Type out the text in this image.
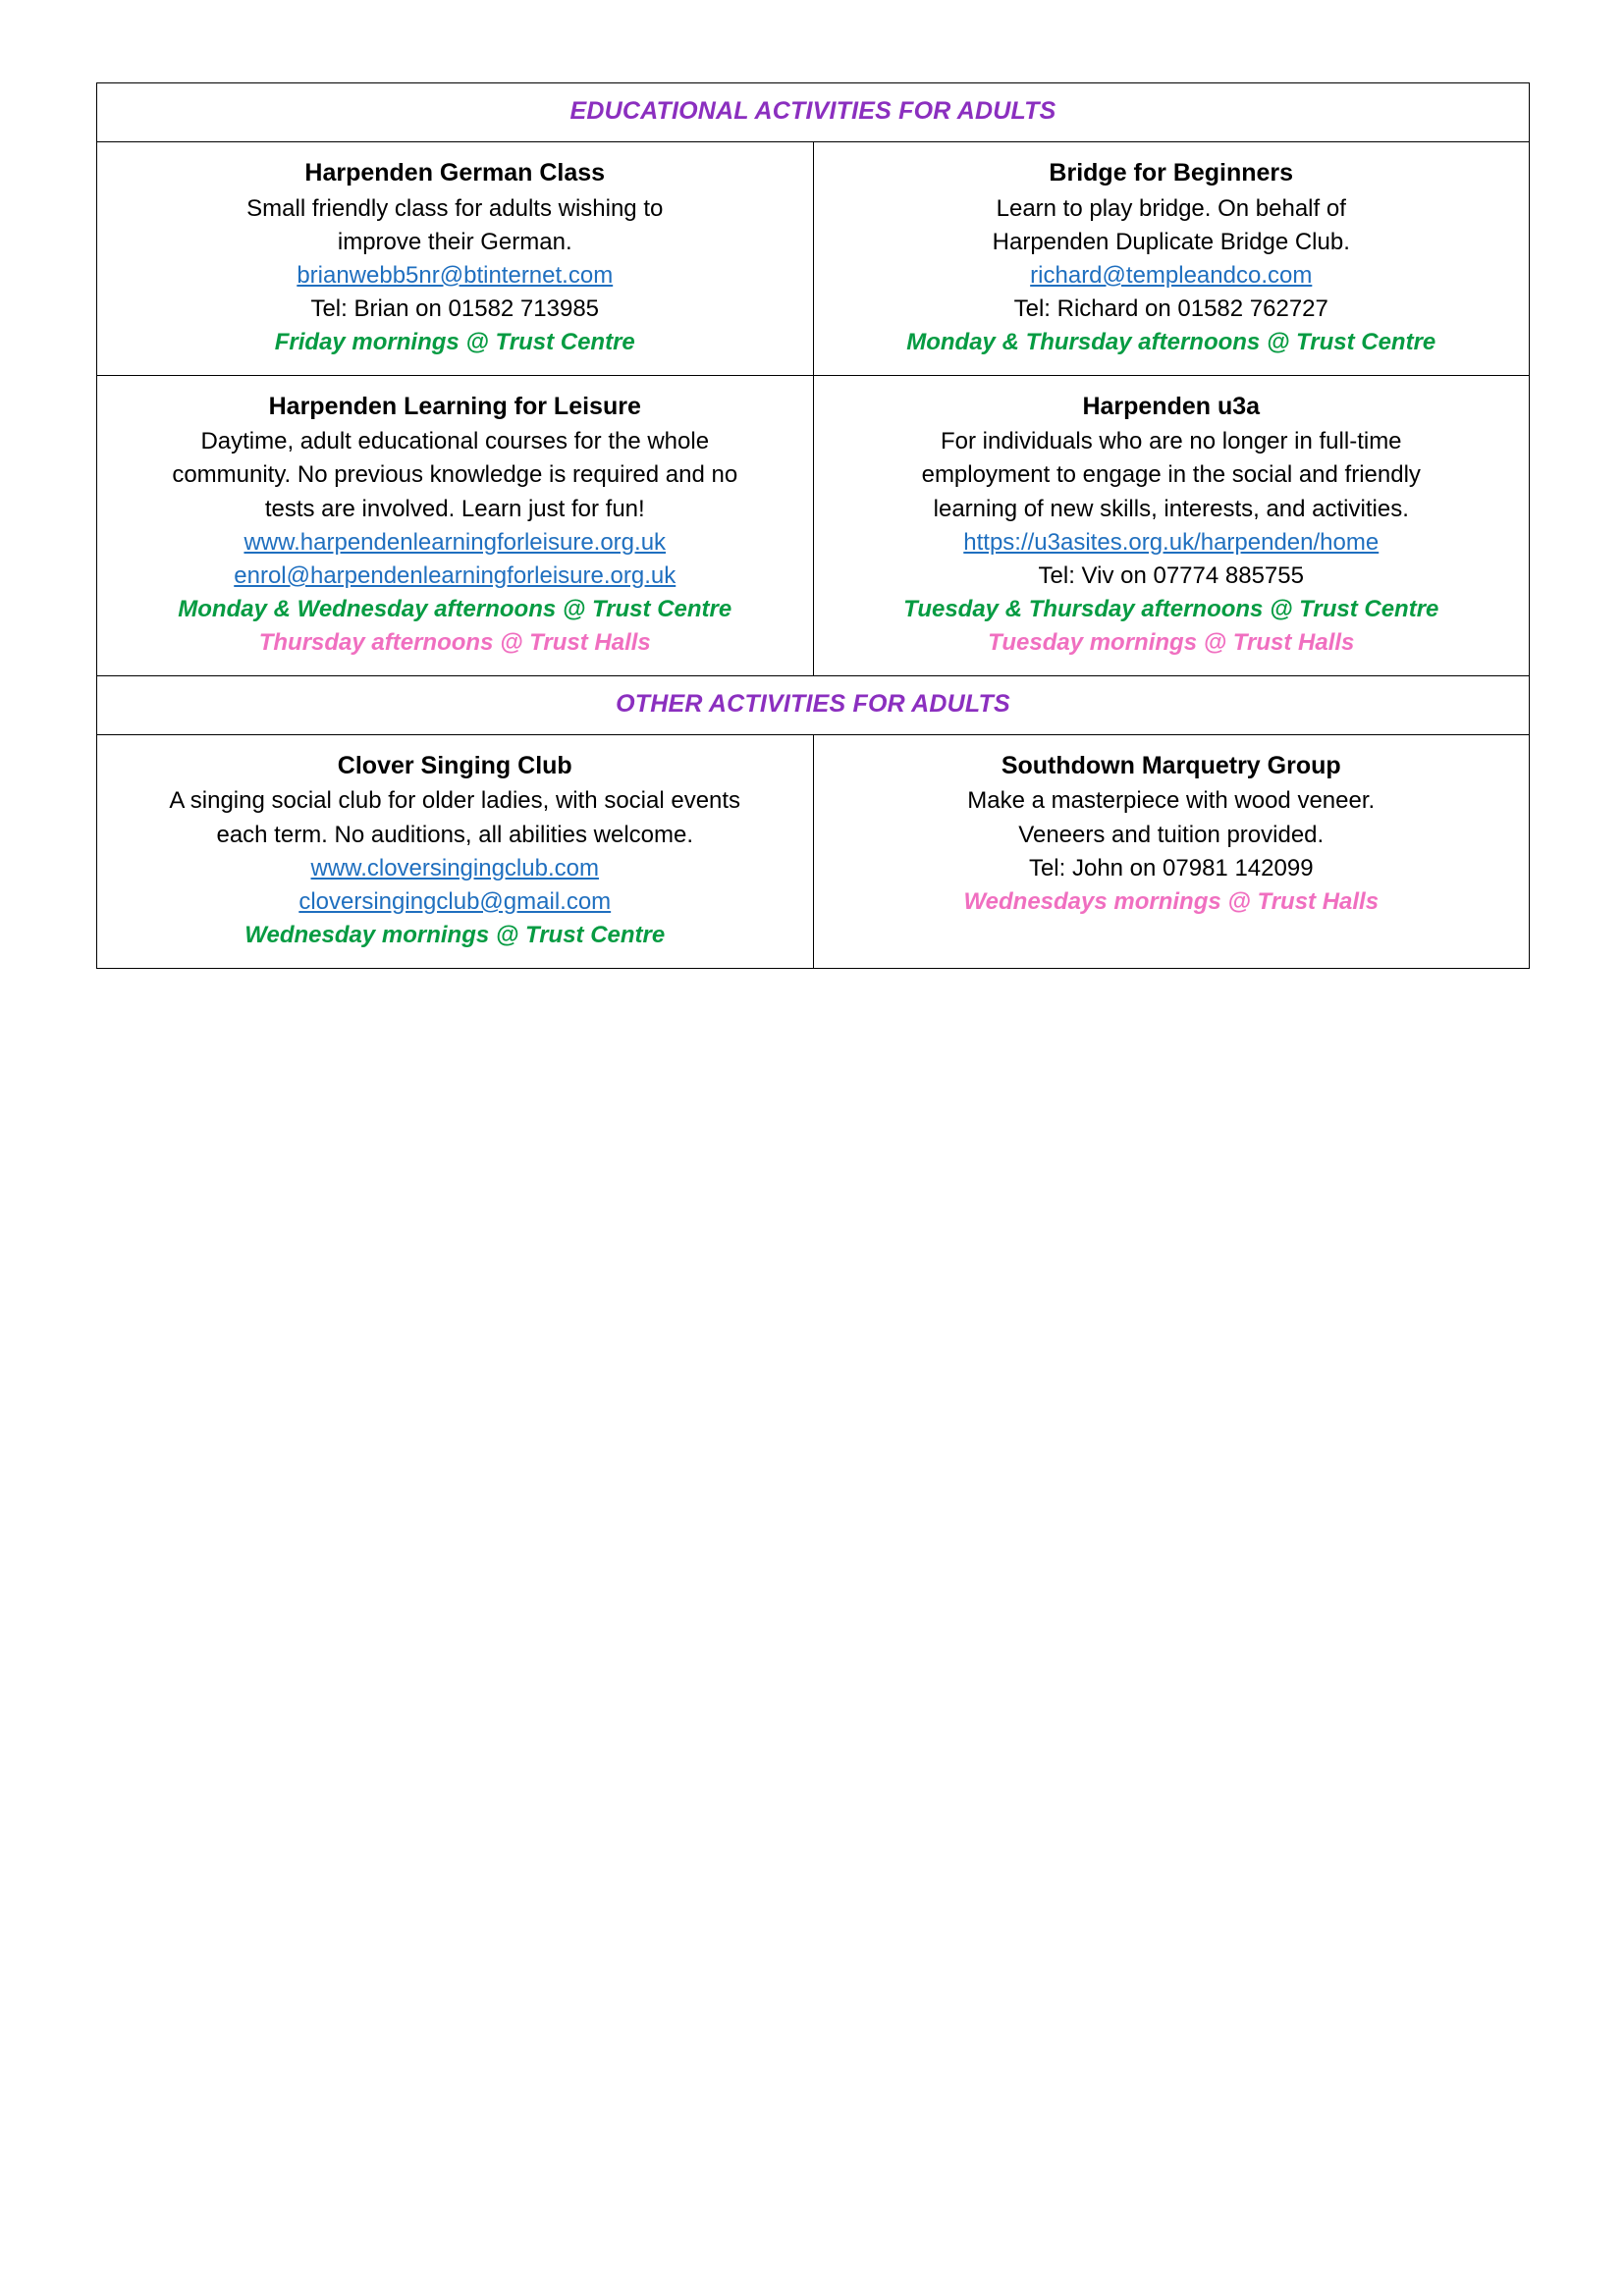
EDUCATIONAL ACTIVITIES FOR ADULTS	

Harpenden German Class
Small friendly class for adults wishing to
improve their German.
brianwebb5nr@btinternet.com
Tel: Brian on 01582 713985
Friday mornings @ Trust Centre

Bridge for Beginners
Learn to play bridge. On behalf of
Harpenden Duplicate Bridge Club.
richard@templeandco.com
Tel: Richard on 01582 762727
Monday & Thursday afternoons @ Trust Centre

Harpenden Learning for Leisure
Daytime, adult educational courses for the whole
community. No previous knowledge is required and no
tests are involved. Learn just for fun!
www.harpendenlearningforleisure.org.uk
enrol@harpendenlearningforleisure.org.uk
Monday & Wednesday afternoons @ Trust Centre
Thursday afternoons @ Trust Halls

Harpenden u3a
For individuals who are no longer in full-time
employment to engage in the social and friendly
learning of new skills, interests, and activities.
https://u3asites.org.uk/harpenden/home
Tel: Viv on 07774 885755
Tuesday & Thursday afternoons @ Trust Centre
Tuesday mornings @ Trust Halls

OTHER ACTIVITIES FOR ADULTS	

Clover Singing Club
A singing social club for older ladies, with social events
each term. No auditions, all abilities welcome.
www.cloversingingclub.com
cloversingingclub@gmail.com
Wednesday mornings @ Trust Centre

Southdown Marquetry Group
Make a masterpiece with wood veneer.
Veneers and tuition provided.
Tel: John on 07981 142099
Wednesdays mornings @ Trust Halls
